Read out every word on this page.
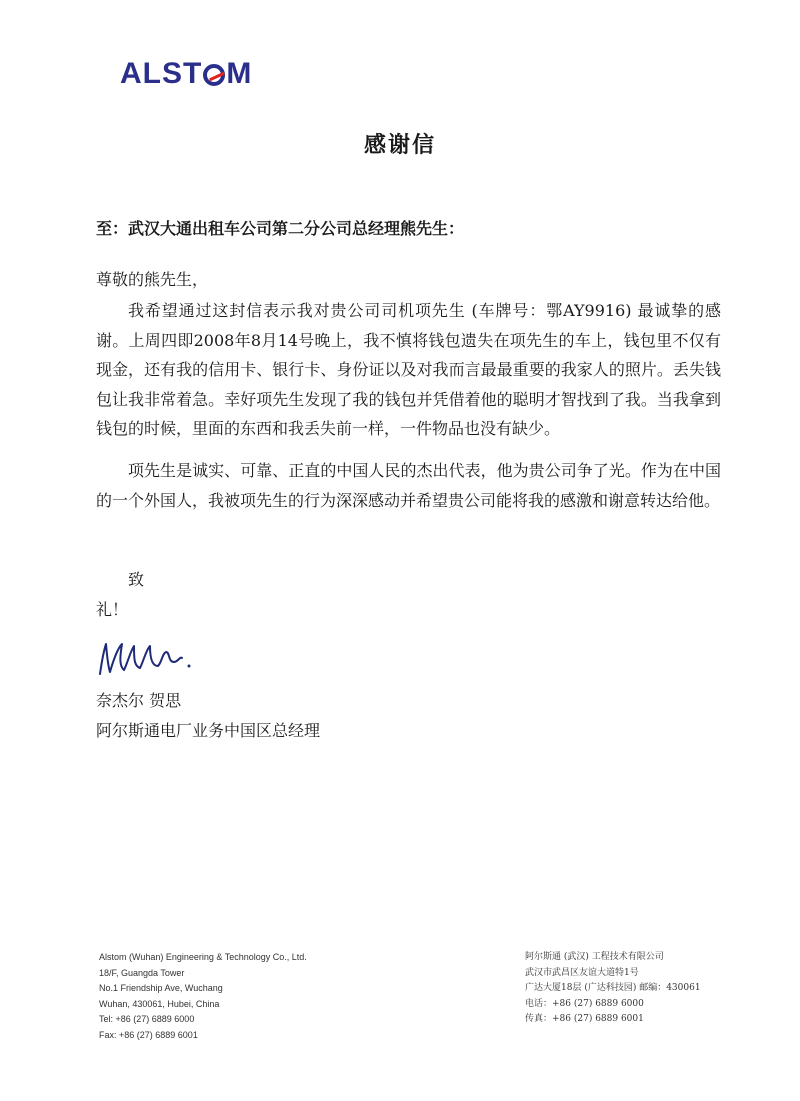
ALST M
感谢信
至：武汉大通出租车公司第二分公司总经理熊先生：
尊敬的熊先生，
我希望通过这封信表示我对贵公司司机项先生 (车牌号：鄂AY9916) 最诚挚的感谢。上周四即2008年8月14号晚上，我不慎将钱包遗失在项先生的车上，钱包里不仅有现金，还有我的信用卡、银行卡、身份证以及对我而言最最重要的我家人的照片。丢失钱包让我非常着急。幸好项先生发现了我的钱包并凭借着他的聪明才智找到了我。当我拿到钱包的时候，里面的东西和我丢失前一样，一件物品也没有缺少。
项先生是诚实、可靠、正直的中国人民的杰出代表，他为贵公司争了光。作为在中国的一个外国人，我被项先生的行为深深感动并希望贵公司能将我的感激和谢意转达给他。
致
礼！
奈杰尔 贺思
阿尔斯通电厂业务中国区总经理
Alstom (Wuhan) Engineering & Technology Co., Ltd.
18/F, Guangda Tower
No.1 Friendship Ave, Wuchang
Wuhan, 430061, Hubei, China
Tel: +86 (27) 6889 6000
Fax: +86 (27) 6889 6001
阿尔斯通 (武汉) 工程技术有限公司
武汉市武昌区友谊大道特1号
广达大厦18层 (广达科技园) 邮编：430061
电话：+86 (27) 6889 6000
传真：+86 (27) 6889 6001
